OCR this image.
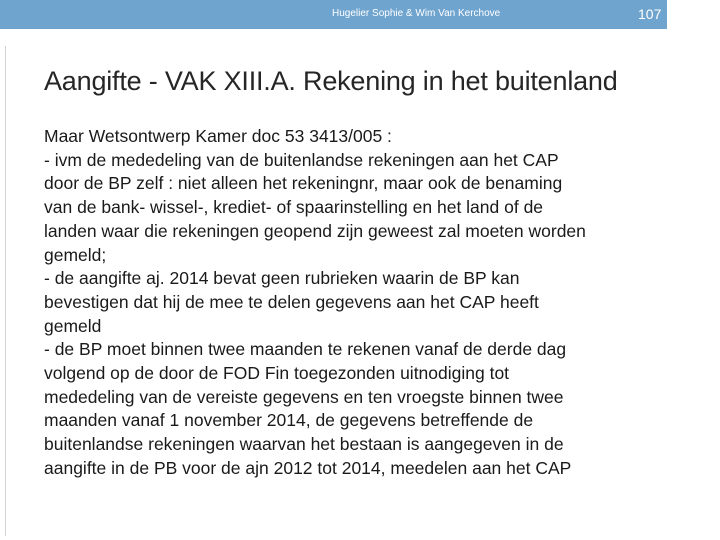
Hugelier Sophie & Wim Van Kerchove	107
Aangifte - VAK XIII.A. Rekening in het buitenland
Maar Wetsontwerp Kamer doc 53 3413/005 :
- ivm de mededeling van de buitenlandse rekeningen aan het CAP
door de BP zelf : niet alleen het rekeningnr, maar ook de benaming
van de bank- wissel-, krediet- of spaarinstelling en het land of de
landen waar die rekeningen geopend zijn geweest zal moeten worden
gemeld;
- de aangifte aj. 2014 bevat geen rubrieken waarin de BP kan
bevestigen dat hij de mee te delen gegevens aan het CAP heeft
gemeld
- de BP moet binnen twee maanden te rekenen vanaf de derde dag
volgend op de door de FOD Fin toegezonden uitnodiging tot
mededeling van de vereiste gegevens en ten vroegste binnen twee
maanden vanaf 1 november 2014, de gegevens betreffende de
buitenlandse rekeningen waarvan het bestaan is aangegeven in de
aangifte in de PB voor de ajn 2012 tot 2014, meedelen aan het CAP
